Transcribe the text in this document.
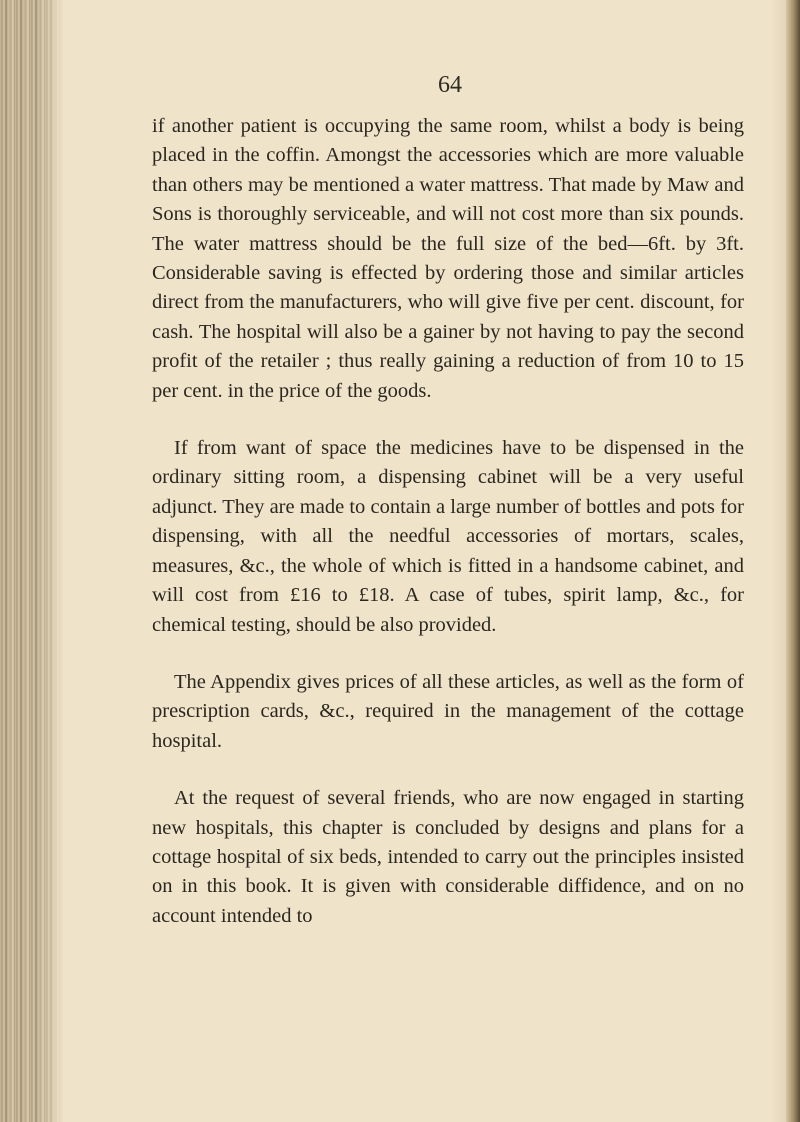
64

if another patient is occupying the same room, whilst a body is being placed in the coffin. Amongst the accessories which are more valuable than others may be mentioned a water mattress. That made by Maw and Sons is thoroughly serviceable, and will not cost more than six pounds. The water mattress should be the full size of the bed—6ft. by 3ft. Considerable saving is effected by ordering those and similar articles direct from the manufacturers, who will give five per cent. discount, for cash. The hospital will also be a gainer by not having to pay the second profit of the retailer ; thus really gaining a reduction of from 10 to 15 per cent. in the price of the goods.

If from want of space the medicines have to be dispensed in the ordinary sitting room, a dispensing cabinet will be a very useful adjunct. They are made to contain a large number of bottles and pots for dispensing, with all the needful accessories of mortars, scales, measures, &c., the whole of which is fitted in a handsome cabinet, and will cost from £16 to £18. A case of tubes, spirit lamp, &c., for chemical testing, should be also provided.

The Appendix gives prices of all these articles, as well as the form of prescription cards, &c., required in the management of the cottage hospital.

At the request of several friends, who are now engaged in starting new hospitals, this chapter is concluded by designs and plans for a cottage hospital of six beds, intended to carry out the principles insisted on in this book. It is given with considerable diffidence, and on no account intended to
